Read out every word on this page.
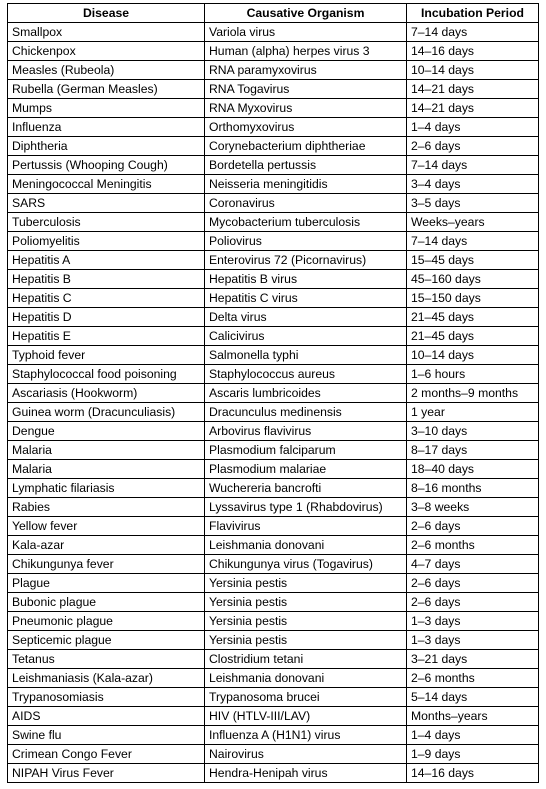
Disease	Causative Organism	Incubation Period
Smallpox	Variola virus	7–14 days
Chickenpox	Human (alpha) herpes virus 3	14–16 days
Measles (Rubeola)	RNA paramyxovirus	10–14 days
Rubella (German Measles)	RNA Togavirus	14–21 days
Mumps	RNA Myxovirus	14–21 days
Influenza	Orthomyxovirus	1–4 days
Diphtheria	Corynebacterium diphtheriae	2–6 days
Pertussis (Whooping Cough)	Bordetella pertussis	7–14 days
Meningococcal Meningitis	Neisseria meningitidis	3–4 days
SARS	Coronavirus	3–5 days
Tuberculosis	Mycobacterium tuberculosis	Weeks–years
Poliomyelitis	Poliovirus	7–14 days
Hepatitis A	Enterovirus 72 (Picornavirus)	15–45 days
Hepatitis B	Hepatitis B virus	45–160 days
Hepatitis C	Hepatitis C virus	15–150 days
Hepatitis D	Delta virus	21–45 days
Hepatitis E	Calicivirus	21–45 days
Typhoid fever	Salmonella typhi	10–14 days
Staphylococcal food poisoning	Staphylococcus aureus	1–6 hours
Ascariasis (Hookworm)	Ascaris lumbricoides	2 months–9 months
Guinea worm (Dracunculiasis)	Dracunculus medinensis	1 year
Dengue	Arbovirus flavivirus	3–10 days
Malaria	Plasmodium falciparum	8–17 days
Malaria	Plasmodium malariae	18–40 days
Lymphatic filariasis	Wuchereria bancrofti	8–16 months
Rabies	Lyssavirus type 1 (Rhabdovirus)	3–8 weeks
Yellow fever	Flavivirus	2–6 days
Kala-azar	Leishmania donovani	2–6 months
Chikungunya fever	Chikungunya virus (Togavirus)	4–7 days
Plague	Yersinia pestis	2–6 days
Bubonic plague	Yersinia pestis	2–6 days
Pneumonic plague	Yersinia pestis	1–3 days
Septicemic plague	Yersinia pestis	1–3 days
Tetanus	Clostridium tetani	3–21 days
Leishmaniasis (Kala-azar)	Leishmania donovani	2–6 months
Trypanosomiasis	Trypanosoma brucei	5–14 days
AIDS	HIV (HTLV-III/LAV)	Months–years
Swine flu	Influenza A (H1N1) virus	1–4 days
Crimean Congo Fever	Nairovirus	1–9 days
NIPAH Virus Fever	Hendra-Henipah virus	14–16 days
